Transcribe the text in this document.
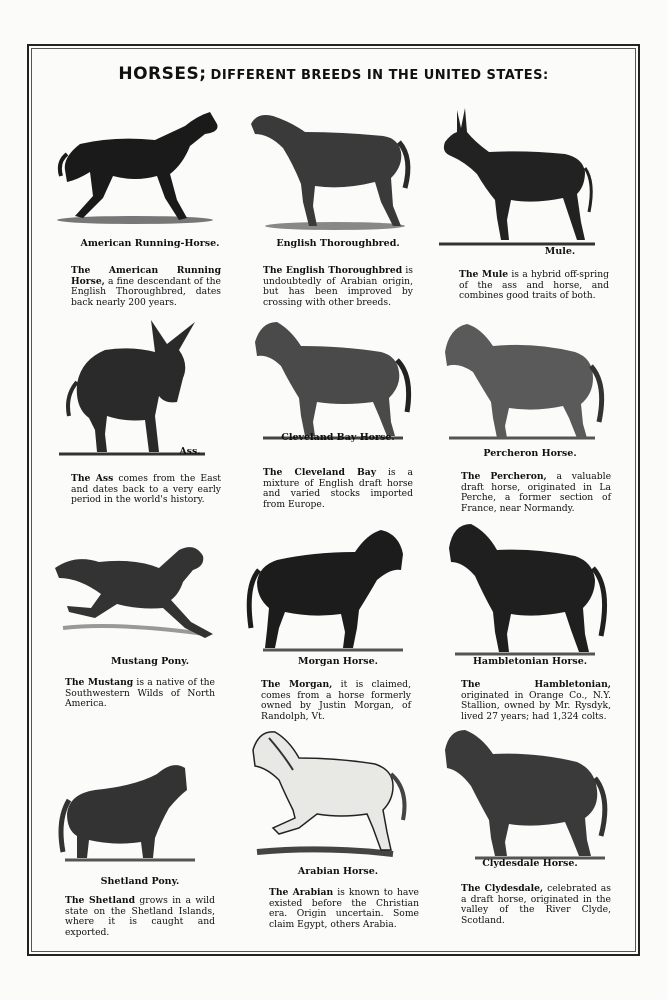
HORSES; DIFFERENT BREEDS IN THE UNITED STATES:
American Running-Horse.
The American Running Horse, a fine descendant of the English Thoroughbred, dates back nearly 200 years.
English Thoroughbred.
The English Thoroughbred is undoubtedly of Arabian origin, but has been improved by crossing with other breeds.
Mule.
The Mule is a hybrid off-spring of the ass and horse, and combines good traits of both.
Ass.
The Ass comes from the East and dates back to a very early period in the world's history.
Cleveland Bay Horse.
The Cleveland Bay is a mixture of English draft horse and varied stocks imported from Europe.
Percheron Horse.
The Percheron, a valuable draft horse, originated in La Perche, a former section of France, near Normandy.
Mustang Pony.
The Mustang is a native of the Southwestern Wilds of North America.
Morgan Horse.
The Morgan, it is claimed, comes from a horse formerly owned by Justin Morgan, of Randolph, Vt.
Hambletonian Horse.
The Hambletonian, originated in Orange Co., N.Y. Stallion, owned by Mr. Rysdyk, lived 27 years; had 1,324 colts.
Shetland Pony.
The Shetland grows in a wild state on the Shetland Islands, where it is caught and exported.
Arabian Horse.
The Arabian is known to have existed before the Christian era. Origin uncertain. Some claim Egypt, others Arabia.
Clydesdale Horse.
The Clydesdale, celebrated as a draft horse, originated in the valley of the River Clyde, Scotland.
